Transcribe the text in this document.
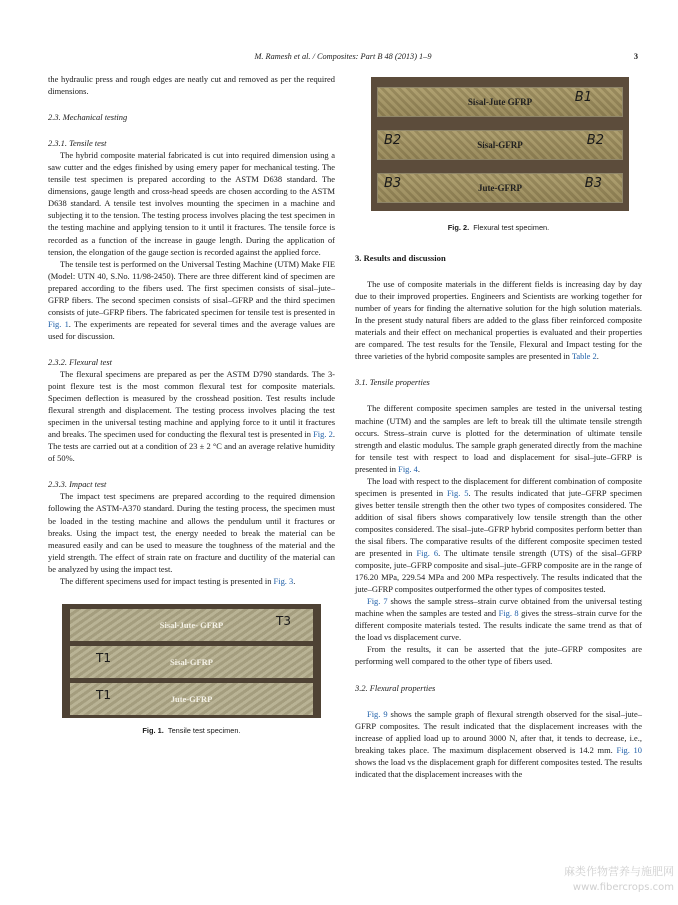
M. Ramesh et al. / Composites: Part B 48 (2013) 1–9	3

the hydraulic press and rough edges are neatly cut and removed as per the required dimensions.

2.3. Mechanical testing

2.3.1. Tensile test

The hybrid composite material fabricated is cut into required dimension using a saw cutter and the edges finished by using emery paper for mechanical testing. The tensile test specimen is prepared according to the ASTM D638 standard. The dimensions, gauge length and cross-head speeds are chosen according to the ASTM D638 standard. A tensile test involves mounting the specimen in a machine and subjecting it to the tension. The testing process involves placing the test specimen in the testing machine and applying tension to it until it fractures. The tensile force is recorded as a function of the increase in gauge length. During the application of tension, the elongation of the gauge section is recorded against the applied force.

The tensile test is performed on the Universal Testing Machine (UTM) Make FIE (Model: UTN 40, S.No. 11/98-2450). There are three different kind of specimen are prepared according to the fibers used. The first specimen consists of sisal–jute–GFRP fibers. The second specimen consists of sisal–GFRP and the third specimen consists of jute–GFRP fibers. The fabricated specimen for tensile test is presented in Fig. 1. The experiments are repeated for several times and the average values are used for discussion.

2.3.2. Flexural test

The flexural specimens are prepared as per the ASTM D790 standards. The 3-point flexure test is the most common flexural test for composite materials. Specimen deflection is measured by the crosshead position. Test results include flexural strength and displacement. The testing process involves placing the test specimen in the universal testing machine and applying force to it until it fractures and breaks. The specimen used for conducting the flexural test is presented in Fig. 2. The tests are carried out at a condition of 23 ± 2 °C and an average relative humidity of 50%.

2.3.3. Impact test

The impact test specimens are prepared according to the required dimension following the ASTM-A370 standard. During the testing process, the specimen must be loaded in the testing machine and allows the pendulum until it fractures or breaks. Using the impact test, the energy needed to break the material can be measured easily and can be used to measure the toughness of the material and the yield strength. The effect of strain rate on fracture and ductility of the material can be analyzed by using the impact test.

The different specimens used for impact testing is presented in Fig. 3.

Sisal-Jute- GFRP	T3
T1	Sisal-GFRP
T1	Jute-GFRP

Fig. 1. Tensile test specimen.

Sisal-Jute GFRP	B1
B2	Sisal-GFRP	B2
B3	Jute-GFRP	B3

Fig. 2. Flexural test specimen.

3. Results and discussion

The use of composite materials in the different fields is increasing day by day due to their improved properties. Engineers and Scientists are working together for number of years for finding the alternative solution for the high solution materials. In the present study natural fibers are added to the glass fiber reinforced composite materials and their effect on mechanical properties is evaluated and their properties are compared. The test results for the Tensile, Flexural and Impact testing for the three varieties of the hybrid composite samples are presented in Table 2.

3.1. Tensile properties

The different composite specimen samples are tested in the universal testing machine (UTM) and the samples are left to break till the ultimate tensile strength occurs. Stress–strain curve is plotted for the determination of ultimate tensile strength and elastic modulus. The sample graph generated directly from the machine for tensile test with respect to load and displacement for sisal–jute–GFRP is presented in Fig. 4.

The load with respect to the displacement for different combination of composite specimen is presented in Fig. 5. The results indicated that jute–GFRP specimen gives better tensile strength then the other two types of composites considered. The addition of sisal fibers shows comparatively low tensile strength than the other composites considered. The sisal–jute–GFRP hybrid composites perform better than the sisal fibers. The comparative results of the different composite specimen tested are presented in Fig. 6. The ultimate tensile strength (UTS) of the sisal–GFRP composite, jute–GFRP composite and sisal–jute–GFRP composite are in the range of 176.20 MPa, 229.54 MPa and 200 MPa respectively. The results indicated that the jute–GFRP composites outperformed the other types of composites tested.

Fig. 7 shows the sample stress–strain curve obtained from the universal testing machine when the samples are tested and Fig. 8 gives the stress–strain curve for the different composite materials tested. The results indicate the same trend as that of the load vs displacement curve.

From the results, it can be asserted that the jute–GFRP composites are performing well compared to the other type of fibers used.

3.2. Flexural properties

Fig. 9 shows the sample graph of flexural strength observed for the sisal–jute–GFRP composites. The result indicated that the displacement increases with the increase of applied load up to around 3000 N, after that, it tends to decrease, i.e., breaking takes place. The maximum displacement observed is 14.2 mm. Fig. 10 shows the load vs the displacement graph for different composites tested. The results indicated that the displacement increases with the

麻类作物营养与施肥网
www.fibercrops.com
